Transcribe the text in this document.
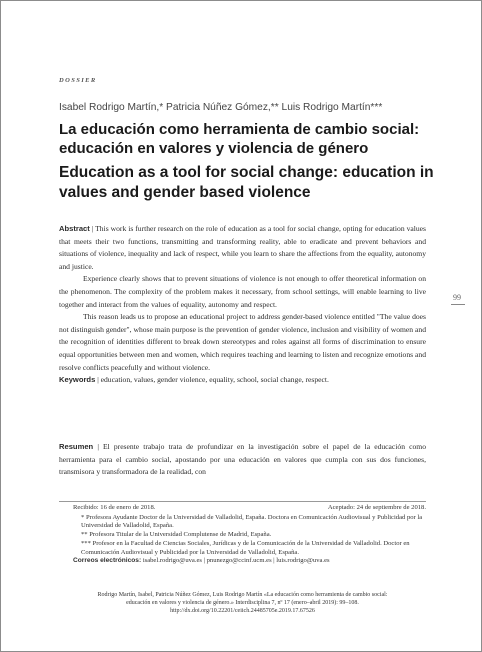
DOSSIER
Isabel Rodrigo Martín,* Patricia Núñez Gómez,** Luis Rodrigo Martín***
La educación como herramienta de cambio social: educación en valores y violencia de género
Education as a tool for social change: education in values and gender based violence

Abstract | This work is further research on the role of education as a tool for social change, opting for education values that meets their two functions, transmitting and transforming reality, able to eradicate and prevent behaviors and situations of violence, inequality and lack of respect, while you learn to share the affections from the equality, autonomy and justice.

Experience clearly shows that to prevent situations of violence is not enough to offer theoretical information on the phenomenon. The complexity of the problem makes it necessary, from school settings, will enable learning to live together and interact from the values of equality, autonomy and respect.

This reason leads us to propose an educational project to address gender-based violence entitled "The value does not distinguish gender", whose main purpose is the prevention of gender violence, inclusion and visibility of women and the recognition of identities different to break down stereotypes and roles against all forms of discrimination to ensure equal opportunities between men and women, which requires teaching and learning to listen and recognize emotions and resolve conflicts peacefully and without violence.

Keywords | education, values, gender violence, equality, school, social change, respect.

99

Resumen | El presente trabajo trata de profundizar en la investigación sobre el papel de la educación como herramienta para el cambio social, apostando por una educación en valores que cumpla con sus dos funciones, transmisora y transformadora de la realidad, con

Recibido: 16 de enero de 2018.	Aceptado: 24 de septiembre de 2018.

* Profesora Ayudante Doctor de la Universidad de Valladolid, España. Doctora en Comunicación Audiovisual y Publicidad por la Universidad de Valladolid, España.

** Profesora Titular de la Universidad Complutense de Madrid, España.

*** Profesor en la Facultad de Ciencias Sociales, Jurídicas y de la Comunicación de la Universidad de Valladolid. Doctor en Comunicación Audiovisual y Publicidad por la Universidad de Valladolid, España.

Correos electrónicos: isabel.rodrigo@uva.es | pnunezgo@ccinf.ucm.es | luis.rodrigo@uva.es

Rodrigo Martín, Isabel, Patricia Núñez Gómez, Luis Rodrigo Martín «La educación como herramienta de cambio social:

educación en valores y violencia de género.» Interdisciplina 7, nº 17 (enero–abril 2019): 99–108.

http://dx.doi.org/10.22201/ceiich.24485705e.2019.17.67526
